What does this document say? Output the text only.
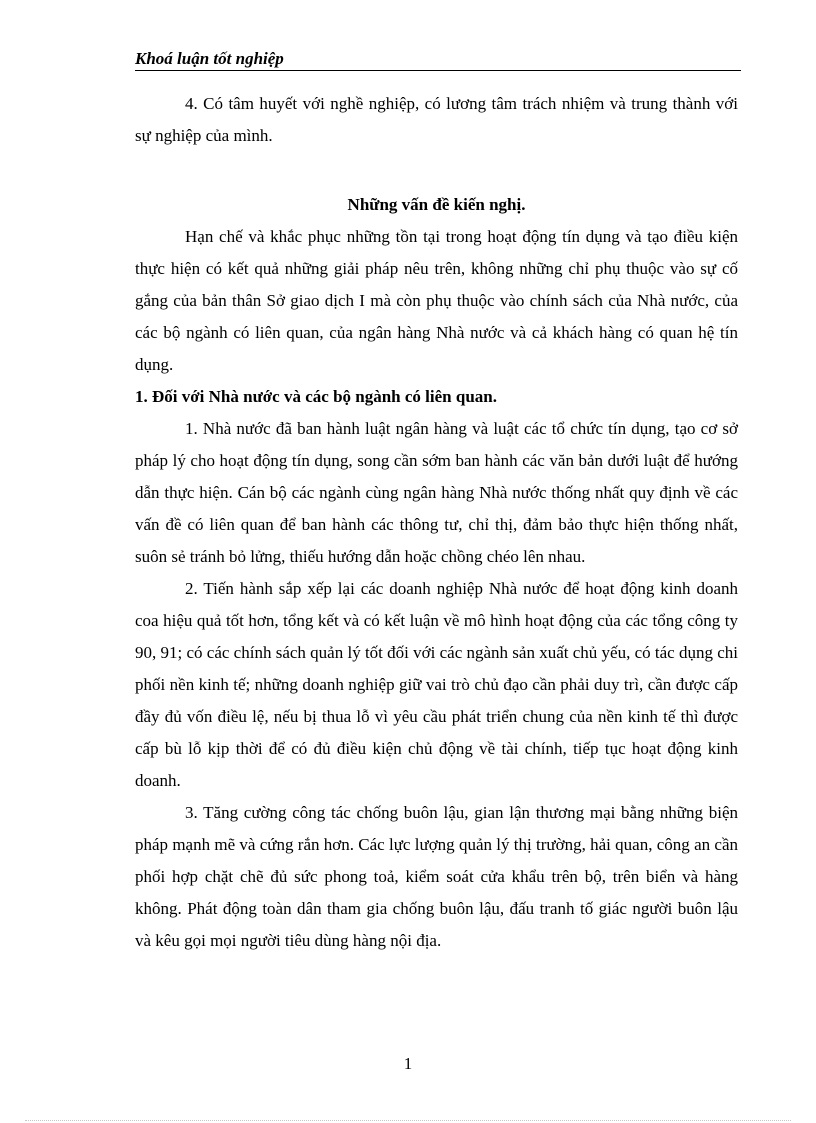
Khoá luận tốt nghiệp

4. Có tâm huyết với nghề nghiệp, có lương tâm trách nhiệm và trung thành với sự nghiệp của mình.

Những vấn đề kiến nghị.

Hạn chế và khắc phục những tồn tại trong hoạt động tín dụng và tạo điều kiện thực hiện có kết quả những giải pháp nêu trên, không những chỉ phụ thuộc vào sự cố gắng của bản thân Sở giao dịch I mà còn phụ thuộc vào chính sách của Nhà nước, của các bộ ngành có liên quan, của ngân hàng Nhà nước và cả khách hàng có quan hệ tín dụng.

1. Đối với Nhà nước và các bộ ngành có liên quan.

1. Nhà nước đã ban hành luật ngân hàng và luật các tổ chức tín dụng, tạo cơ sở pháp lý cho hoạt động tín dụng, song cần sớm ban hành các văn bản dưới luật để hướng dẫn thực hiện. Cán bộ các ngành cùng ngân hàng Nhà nước thống nhất quy định về các vấn đề có liên quan để ban hành các thông tư, chỉ thị, đảm bảo thực hiện thống nhất, suôn sẻ tránh bỏ lửng, thiếu hướng dẫn hoặc chồng chéo lên nhau.

2. Tiến hành sắp xếp lại các doanh nghiệp Nhà nước để hoạt động kinh doanh coa hiệu quả tốt hơn, tổng kết và có kết luận về mô hình hoạt động của các tổng công ty 90, 91; có các chính sách quản lý tốt đối với các ngành sản xuất chủ yếu, có tác dụng chi phối nền kinh tế; những doanh nghiệp giữ vai trò chủ đạo cần phải duy trì, cần được cấp đầy đủ vốn điều lệ, nếu bị thua lỗ vì yêu cầu phát triển chung của nền kinh tế thì được cấp bù lỗ kịp thời để có đủ điều kiện chủ động về tài chính, tiếp tục hoạt động kinh doanh.

3. Tăng cường công tác chống buôn lậu, gian lận thương mại bằng những biện pháp mạnh mẽ và cứng rắn hơn. Các lực lượng quản lý thị trường, hải quan, công an cần phối hợp chặt chẽ đủ sức phong toả, kiểm soát cửa khẩu trên bộ, trên biển và hàng không. Phát động toàn dân tham gia chống buôn lậu, đấu tranh tố giác người buôn lậu và kêu gọi mọi người tiêu dùng hàng nội địa.

1
